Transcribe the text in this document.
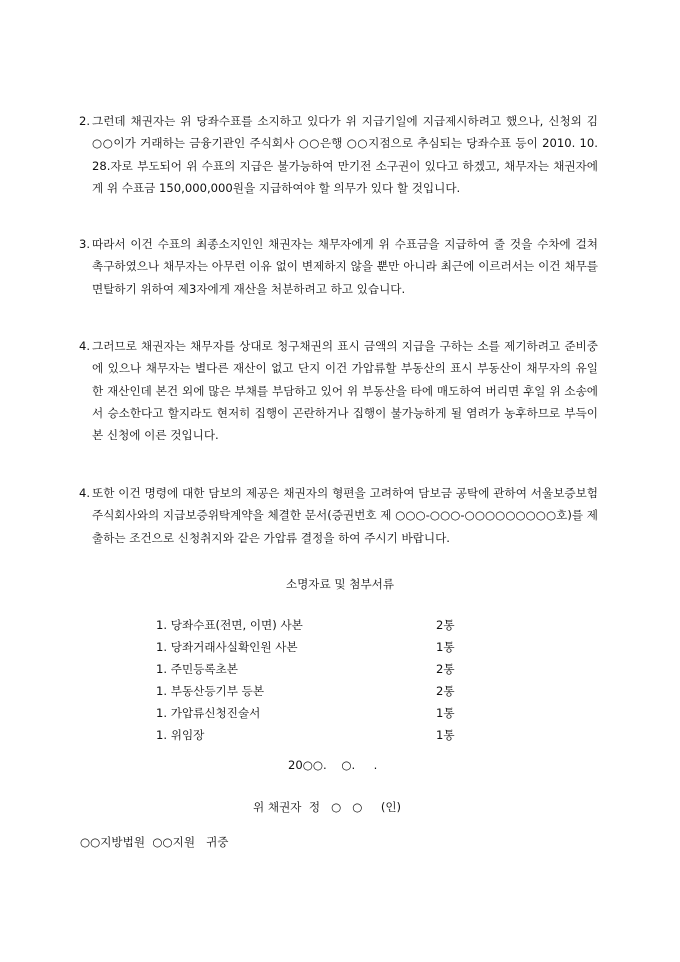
2. 그런데 채권자는 위 당좌수표를 소지하고 있다가 위 지급기일에 지급제시하려고 했으나, 신청외 김○○이가 거래하는 금융기관인 주식회사 ○○은행 ○○지점으로 추심되는 당좌수표 등이 2010. 10. 28.자로 부도되어 위 수표의 지급은 불가능하여 만기전 소구권이 있다고 하겠고, 채무자는 채권자에게 위 수표금 150,000,000원을 지급하여야 할 의무가 있다 할 것입니다.
3. 따라서 이건 수표의 최종소지인인 채권자는 채무자에게 위 수표금을 지급하여 줄 것을 수차에 걸쳐 촉구하였으나 채무자는 아무런 이유 없이 변제하지 않을 뿐만 아니라 최근에 이르러서는 이건 채무를 면탈하기 위하여 제3자에게 재산을 처분하려고 하고 있습니다.
4. 그러므로 채권자는 채무자를 상대로 청구채권의 표시 금액의 지급을 구하는 소를 제기하려고 준비중에 있으나 채무자는 별다른 재산이 없고 단지 이건 가압류할 부동산의 표시 부동산이 채무자의 유일한 재산인데 본건 외에 많은 부채를 부담하고 있어 위 부동산을 타에 매도하여 버리면 후일 위 소송에서 승소한다고 할지라도 현저히 집행이 곤란하거나 집행이 불가능하게 될 염려가 농후하므로 부득이 본 신청에 이른 것입니다.
4. 또한 이건 명령에 대한 담보의 제공은 채권자의 형편을 고려하여 담보금 공탁에 관하여 서울보증보험주식회사와의 지급보증위탁계약을 체결한 문서(증권번호 제 ○○○-○○○-○○○○○○○○○호)를 제출하는 조건으로 신청취지와 같은 가압류 결정을 하여 주시기 바랍니다.
소명자료 및 첨부서류
1. 당좌수표(전면, 이면) 사본	2통
1. 당좌거래사실확인원 사본	1통
1. 주민등록초본	2통
1. 부동산등기부 등본	2통
1. 가압류신청진술서	1통
1. 위임장	1통
20○○.    ○.     .
위 채권자  정   ○   ○     (인)
○○지방법원  ○○지원   귀중
